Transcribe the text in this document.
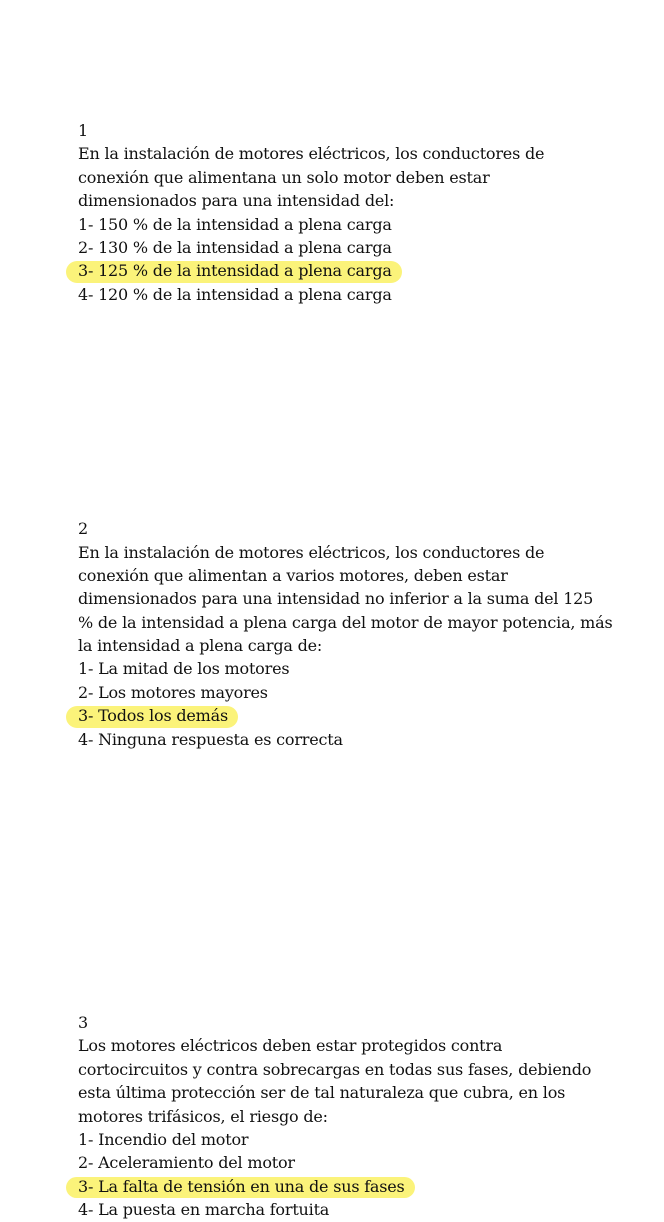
1
En la instalación de motores eléctricos, los conductores de
conexión que alimentana un solo motor deben estar
dimensionados para una intensidad del:
1- 150 % de la intensidad a plena carga
2- 130 % de la intensidad a plena carga
3- 125 % de la intensidad a plena carga
4- 120 % de la intensidad a plena carga
2
En la instalación de motores eléctricos, los conductores de
conexión que alimentan a varios motores, deben estar
dimensionados para una intensidad no inferior a la suma del 125
% de la intensidad a plena carga del motor de mayor potencia, más
la intensidad a plena carga de:
1- La mitad de los motores
2- Los motores mayores
3- Todos los demás
4- Ninguna respuesta es correcta
3
Los motores eléctricos deben estar protegidos contra
cortocircuitos y contra sobrecargas en todas sus fases, debiendo
esta última protección ser de tal naturaleza que cubra, en los
motores trifásicos, el riesgo de:
1- Incendio del motor
2- Aceleramiento del motor
3- La falta de tensión en una de sus fases
4- La puesta en marcha fortuita
